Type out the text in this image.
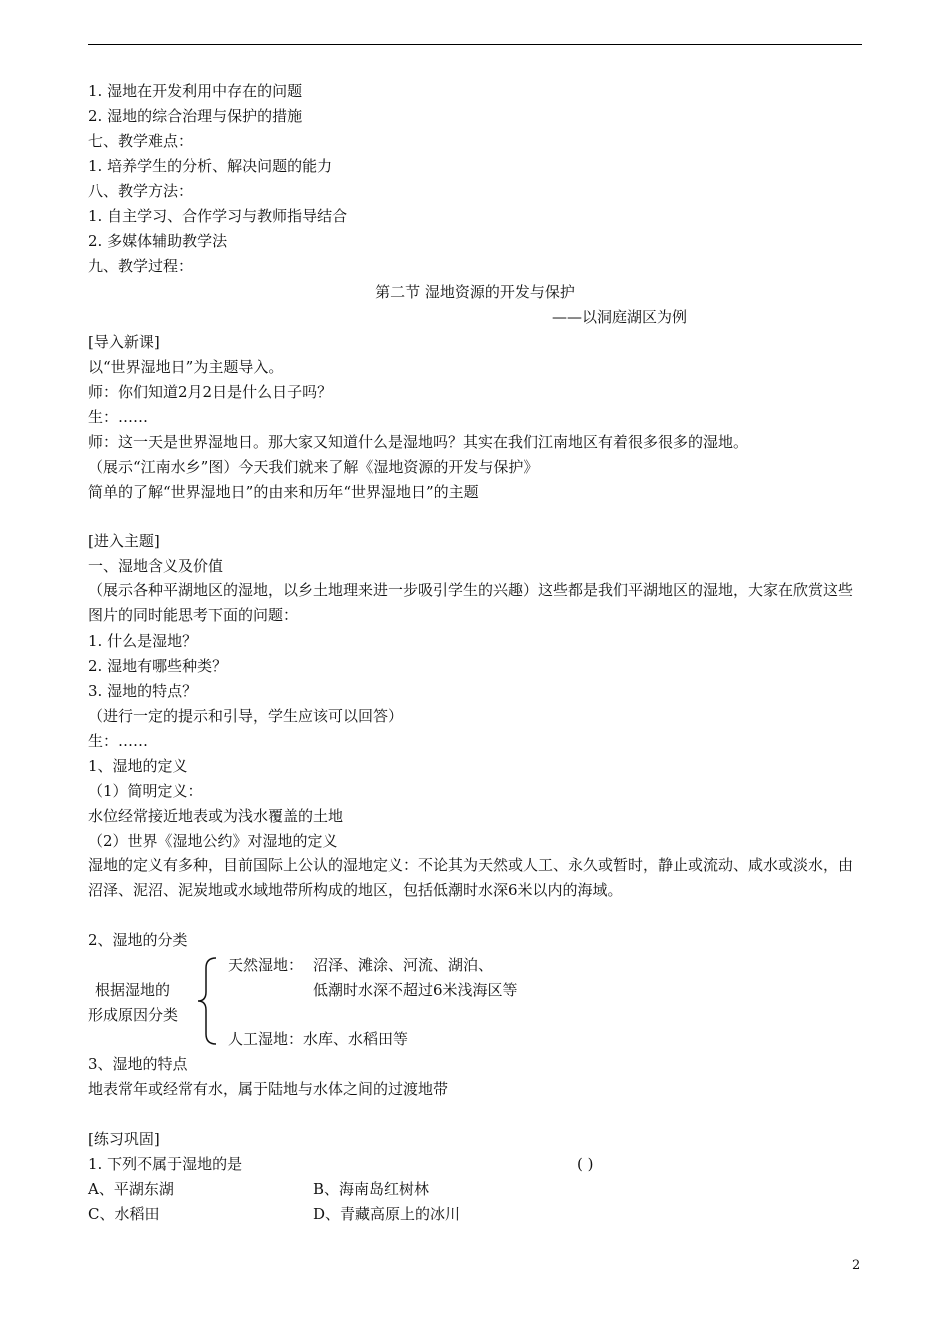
1. 湿地在开发利用中存在的问题
2. 湿地的综合治理与保护的措施
七、教学难点：
1. 培养学生的分析、解决问题的能力
八、教学方法：
1. 自主学习、合作学习与教师指导结合
2. 多媒体辅助教学法
九、教学过程：
第二节 湿地资源的开发与保护
——以洞庭湖区为例
[导入新课]
以“世界湿地日”为主题导入。
师：你们知道2月2日是什么日子吗？
生：……
师：这一天是世界湿地日。那大家又知道什么是湿地吗？其实在我们江南地区有着很多很多的湿地。
（展示“江南水乡”图）今天我们就来了解《湿地资源的开发与保护》
简单的了解“世界湿地日”的由来和历年“世界湿地日”的主题
[进入主题]
一、湿地含义及价值
（展示各种平湖地区的湿地，以乡土地理来进一步吸引学生的兴趣）这些都是我们平湖地区的湿地，大家在欣赏这些图片的同时能思考下面的问题：
1. 什么是湿地？
2. 湿地有哪些种类？
3. 湿地的特点？
（进行一定的提示和引导，学生应该可以回答）
生：……
1、湿地的定义
（1）简明定义：
水位经常接近地表或为浅水覆盖的土地
（2）世界《湿地公约》对湿地的定义
湿地的定义有多种，目前国际上公认的湿地定义：不论其为天然或人工、永久或暂时，静止或流动、咸水或淡水，由沼泽、泥沼、泥炭地或水域地带所构成的地区，包括低潮时水深6米以内的海域。
2、湿地的分类
天然湿地： 沼泽、滩涂、河流、湖泊、
低潮时水深不超过6米浅海区等
根据湿地的
形成原因分类
人工湿地：水库、水稻田等
3、湿地的特点
地表常年或经常有水，属于陆地与水体之间的过渡地带
[练习巩固]
1. 下列不属于湿地的是	( )
A、平湖东湖	B、海南岛红树林
C、水稻田	D、青藏高原上的冰川
2
